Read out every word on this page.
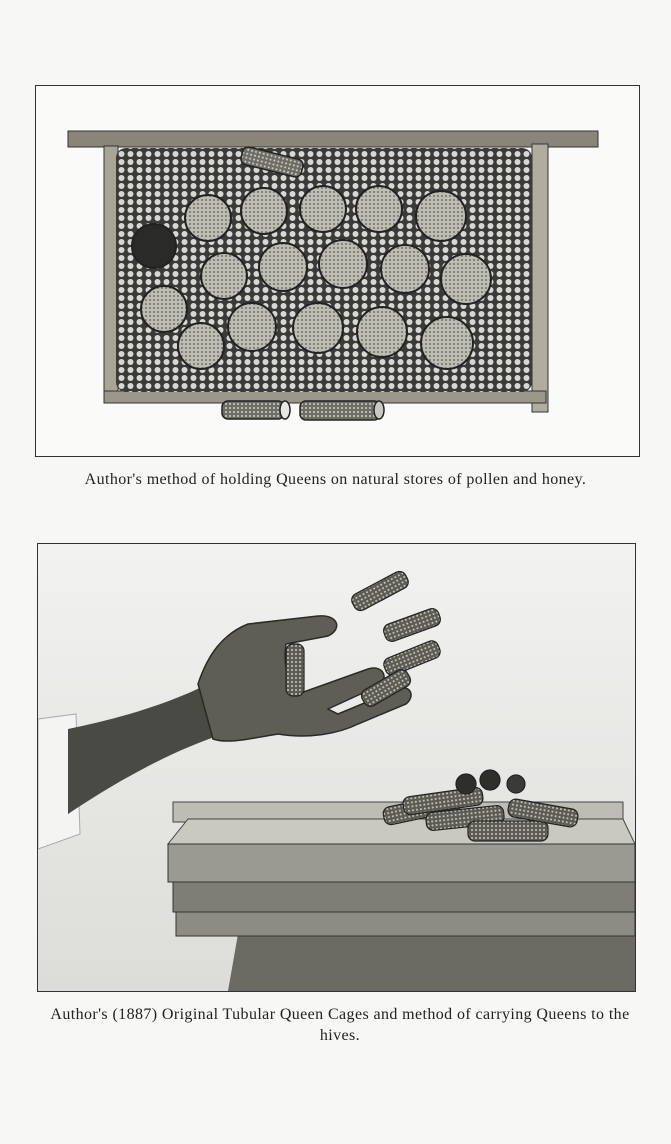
Author's method of holding Queens on natural stores of pollen and honey.
Author's (1887) Original Tubular Queen Cages and method of carrying Queens to the hives.
